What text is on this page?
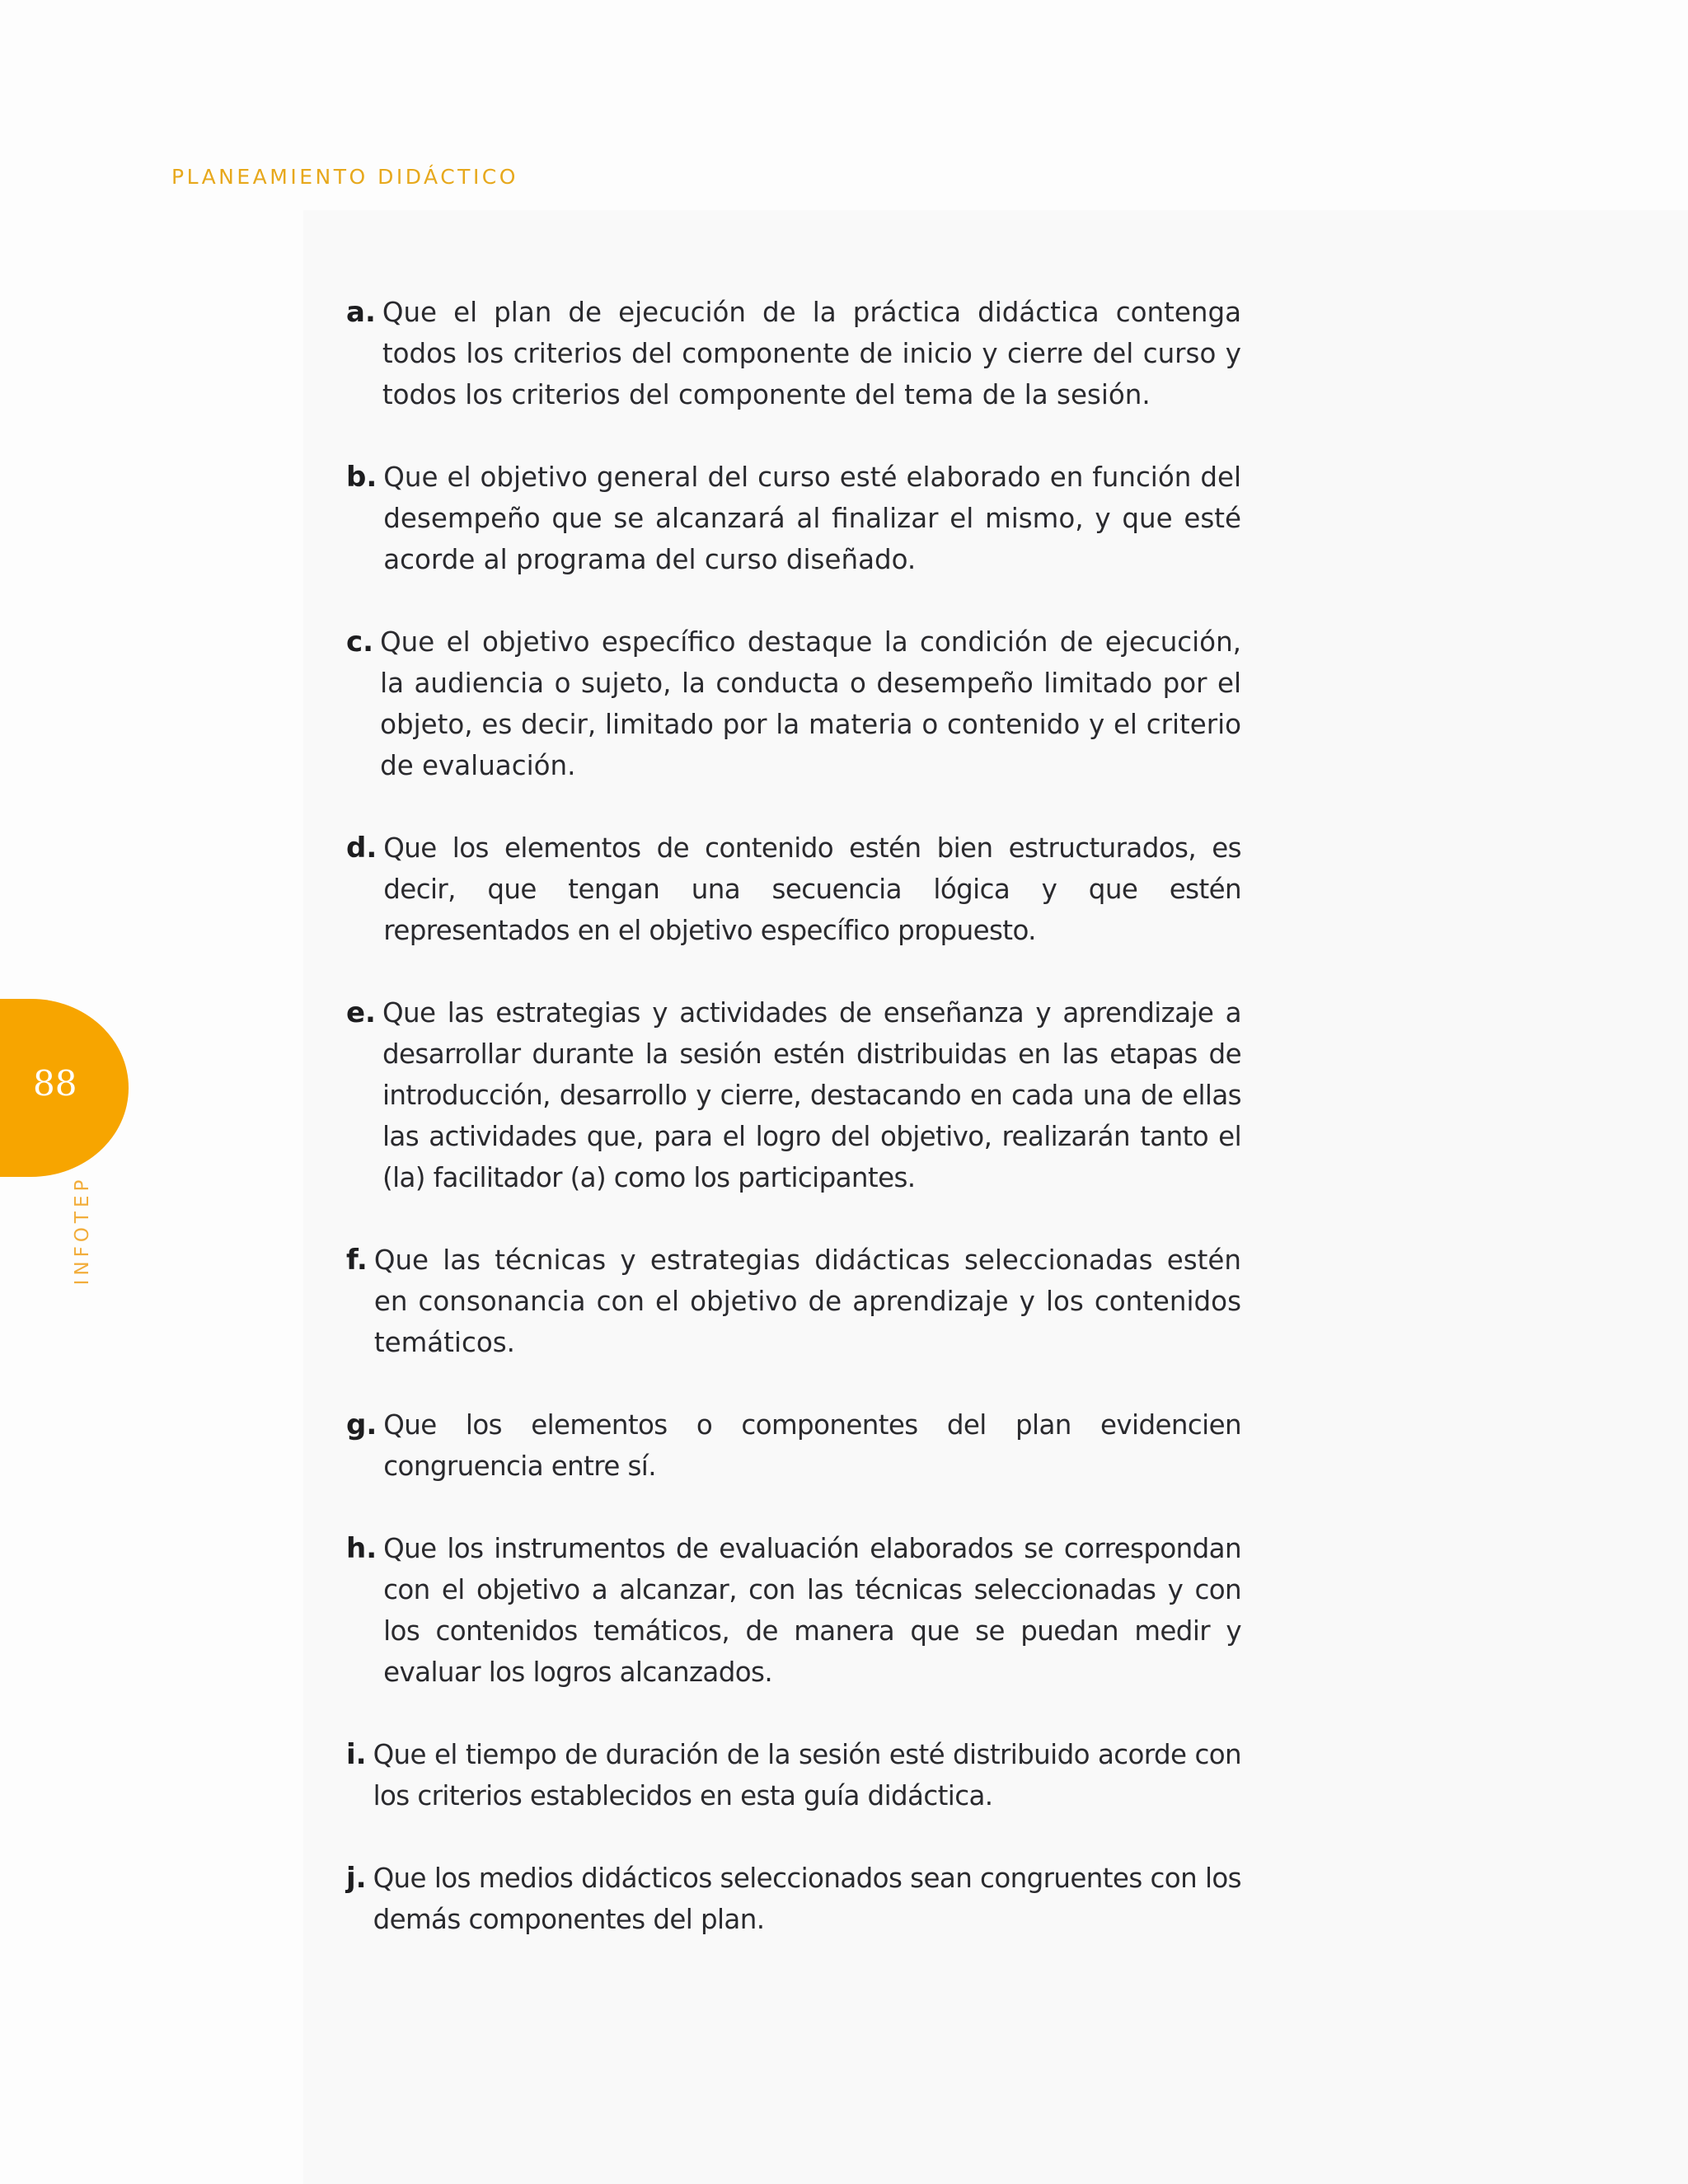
PLANEAMIENTO DIDÁCTICO
88
INFOTEP
a. Que el plan de ejecución de la práctica didáctica contenga todos los criterios del componente de inicio y cierre del curso y todos los criterios del componente del tema de la sesión.

b. Que el objetivo general del curso esté elaborado en función del desempeño que se alcanzará al finalizar el mismo, y que esté acorde al programa del curso diseñado.

c. Que el objetivo específico destaque la condición de ejecución, la audiencia o sujeto, la conducta o desempeño limitado por el objeto, es decir, limitado por la materia o contenido y el criterio de evaluación.

d. Que los elementos de contenido estén bien estructurados, es decir, que tengan una secuencia lógica y que estén representados en el objetivo específico propuesto.

e. Que las estrategias y actividades de enseñanza y aprendizaje a desarrollar durante la sesión estén distribuidas en las etapas de introducción, desarrollo y cierre, destacando en cada una de ellas las actividades que, para el logro del objetivo, realizarán tanto el (la) facilitador (a) como los participantes.

f. Que las técnicas y estrategias didácticas seleccionadas estén en consonancia con el objetivo de aprendizaje y los contenidos temáticos.

g. Que los elementos o componentes del plan evidencien congruencia entre sí.

h. Que los instrumentos de evaluación elaborados se correspondan con el objetivo a alcanzar, con las técnicas seleccionadas y con los contenidos temáticos, de manera que se puedan medir y evaluar los logros alcanzados.

i. Que el tiempo de duración de la sesión esté distribuido acorde con los criterios establecidos en esta guía didáctica.

j. Que los medios didácticos seleccionados sean congruentes con los demás componentes del plan.
